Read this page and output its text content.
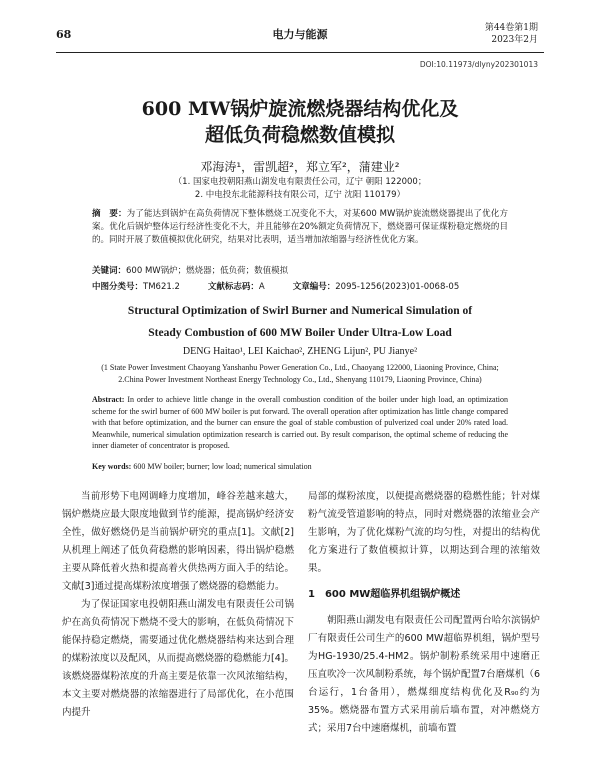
68	电力与能源	第44卷第1期
2023年2月
DOI:10.11973/dlyny202301013
600 MW锅炉旋流燃烧器结构优化及
超低负荷稳燃数值模拟
邓海涛¹，雷凯超²，郑立军²，蒲建业²
（1. 国家电投朝阳燕山湖发电有限责任公司，辽宁 朝阳 122000；
2. 中电投东北能源科技有限公司，辽宁 沈阳 110179）
摘　要：为了能达到锅炉在高负荷情况下整体燃烧工况变化不大，对某600 MW锅炉旋流燃烧器提出了优化方案。优化后锅炉整体运行经济性变化不大，并且能够在20%额定负荷情况下，燃烧器可保证煤粉稳定燃烧的目的。同时开展了数值模拟优化研究，结果对比表明，适当增加浓缩器与经济性优化方案。
关键词：600 MW锅炉；燃烧器；低负荷；数值模拟
中图分类号：TM621.2	文献标志码：A	文章编号：2095-1256(2023)01-0068-05
Structural Optimization of Swirl Burner and Numerical Simulation of
Steady Combustion of 600 MW Boiler Under Ultra-Low Load
DENG Haitao¹, LEI Kaichao², ZHENG Lijun², PU Jianye²
(1 State Power Investment Chaoyang Yanshanhu Power Generation Co., Ltd., Chaoyang 122000, Liaoning Province, China;
2.China Power Investment Northeast Energy Technology Co., Ltd., Shenyang 110179, Liaoning Province, China)
Abstract: In order to achieve little change in the overall combustion condition of the boiler under high load, an optimization scheme for the swirl burner of 600 MW boiler is put forward. The overall operation after optimization has little change compared with that before optimization, and the burner can ensure the goal of stable combustion of pulverized coal under 20% rated load. Meanwhile, numerical simulation optimization research is carried out. By result comparison, the optimal scheme of reducing the inner diameter of concentrator is proposed.
Key words: 600 MW boiler; burner; low load; numerical simulation

当前形势下电网调峰力度增加，峰谷差越来越大，锅炉燃烧应最大限度地做到节约能源，提高锅炉经济安全性，做好燃烧仍是当前锅炉研究的重点[1]。文献[2]从机理上阐述了低负荷稳燃的影响因素，得出锅炉稳燃主要从降低着火热和提高着火供热两方面入手的结论。文献[3]通过提高煤粉浓度增强了燃烧器的稳燃能力。

为了保证国家电投朝阳燕山湖发电有限责任公司锅炉在高负荷情况下燃烧不受大的影响，在低负荷情况下能保持稳定燃烧，需要通过优化燃烧器结构来达到合理的煤粉浓度以及配风，从而提高燃烧器的稳燃能力[4]。该燃烧器煤粉浓度的升高主要是依靠一次风浓缩结构，本文主要对燃烧器的浓缩器进行了局部优化，在小范围内提升

局部的煤粉浓度，以便提高燃烧器的稳燃性能；针对煤粉气流受管道影响的特点，同时对燃烧器的浓缩业会产生影响，为了优化煤粉气流的均匀性，对提出的结构优化方案进行了数值模拟计算，以期达到合理的浓缩效果。

1　600 MW超临界机组锅炉概述

朝阳燕山湖发电有限责任公司配置两台哈尔滨锅炉厂有限责任公司生产的600 MW超临界机组，锅炉型号为HG-1930/25.4-HM2。锅炉制粉系统采用中速磨正压直吹冷一次风制粉系统，每个锅炉配置7台磨煤机（6台运行，1台备用），燃煤细度结构优化及R₉₀约为35%。燃烧器布置方式采用前后墙布置，对冲燃烧方式；采用7台中速磨煤机，前墙布置
